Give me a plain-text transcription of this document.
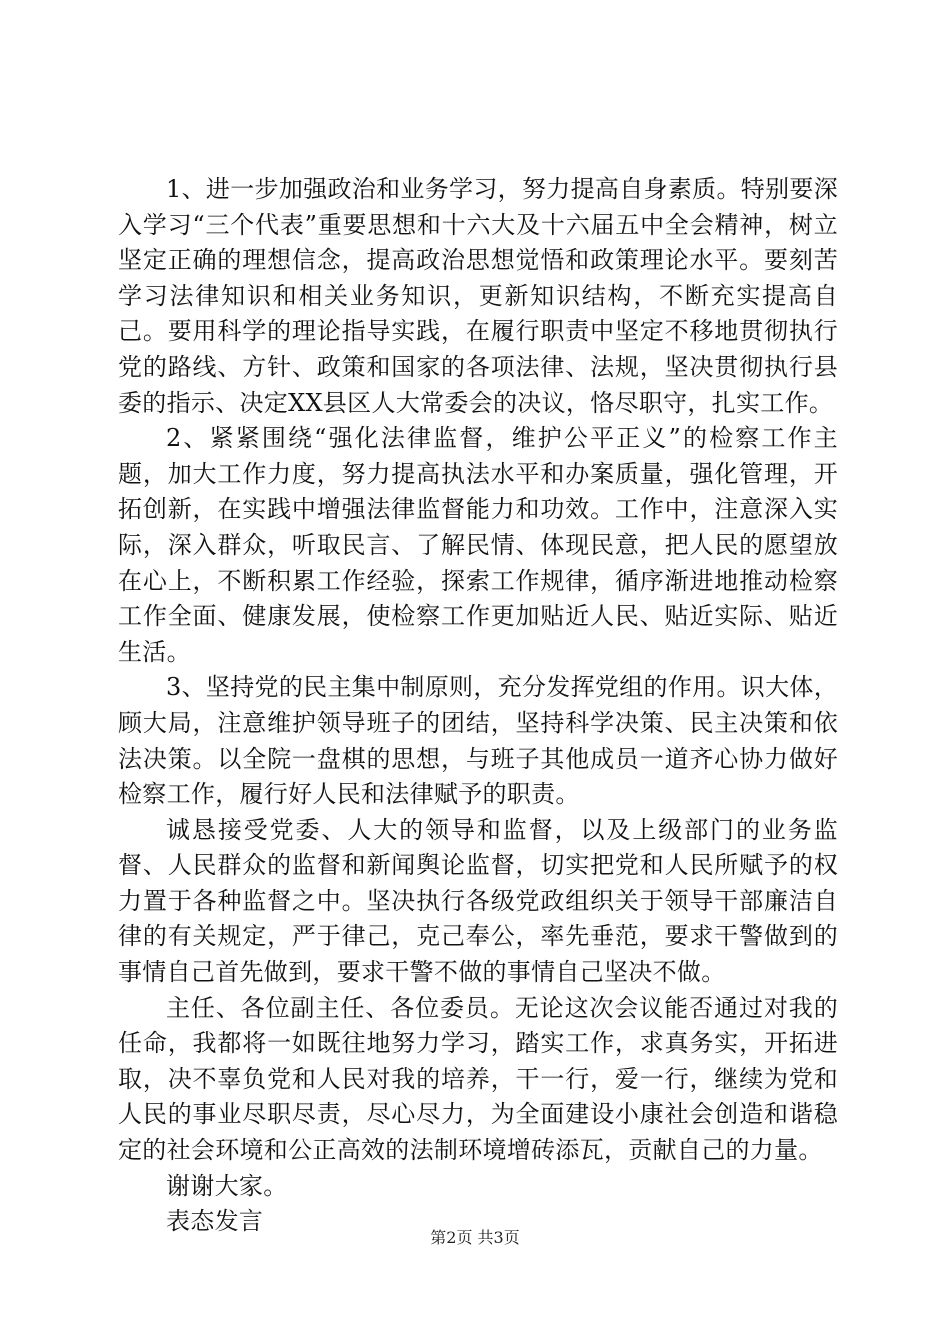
1、进一步加强政治和业务学习，努力提高自身素质。特别要深入学习“三个代表”重要思想和十六大及十六届五中全会精神，树立坚定正确的理想信念，提高政治思想觉悟和政策理论水平。要刻苦学习法律知识和相关业务知识，更新知识结构，不断充实提高自己。要用科学的理论指导实践，在履行职责中坚定不移地贯彻执行党的路线、方针、政策和国家的各项法律、法规，坚决贯彻执行县委的指示、决定XX县区人大常委会的决议，恪尽职守，扎实工作。

2、紧紧围绕“强化法律监督，维护公平正义”的检察工作主题，加大工作力度，努力提高执法水平和办案质量，强化管理，开拓创新，在实践中增强法律监督能力和功效。工作中，注意深入实际，深入群众，听取民言、了解民情、体现民意，把人民的愿望放在心上，不断积累工作经验，探索工作规律，循序渐进地推动检察工作全面、健康发展，使检察工作更加贴近人民、贴近实际、贴近生活。

3、坚持党的民主集中制原则，充分发挥党组的作用。识大体，顾大局，注意维护领导班子的团结，坚持科学决策、民主决策和依法决策。以全院一盘棋的思想，与班子其他成员一道齐心协力做好检察工作，履行好人民和法律赋予的职责。

诚恳接受党委、人大的领导和监督，以及上级部门的业务监督、人民群众的监督和新闻舆论监督，切实把党和人民所赋予的权力置于各种监督之中。坚决执行各级党政组织关于领导干部廉洁自律的有关规定，严于律己，克己奉公，率先垂范，要求干警做到的事情自己首先做到，要求干警不做的事情自己坚决不做。

主任、各位副主任、各位委员。无论这次会议能否通过对我的任命，我都将一如既往地努力学习，踏实工作，求真务实，开拓进取，决不辜负党和人民对我的培养，干一行，爱一行，继续为党和人民的事业尽职尽责，尽心尽力，为全面建设小康社会创造和谐稳定的社会环境和公正高效的法制环境增砖添瓦，贡献自己的力量。

谢谢大家。

表态发言

第2页 共3页
